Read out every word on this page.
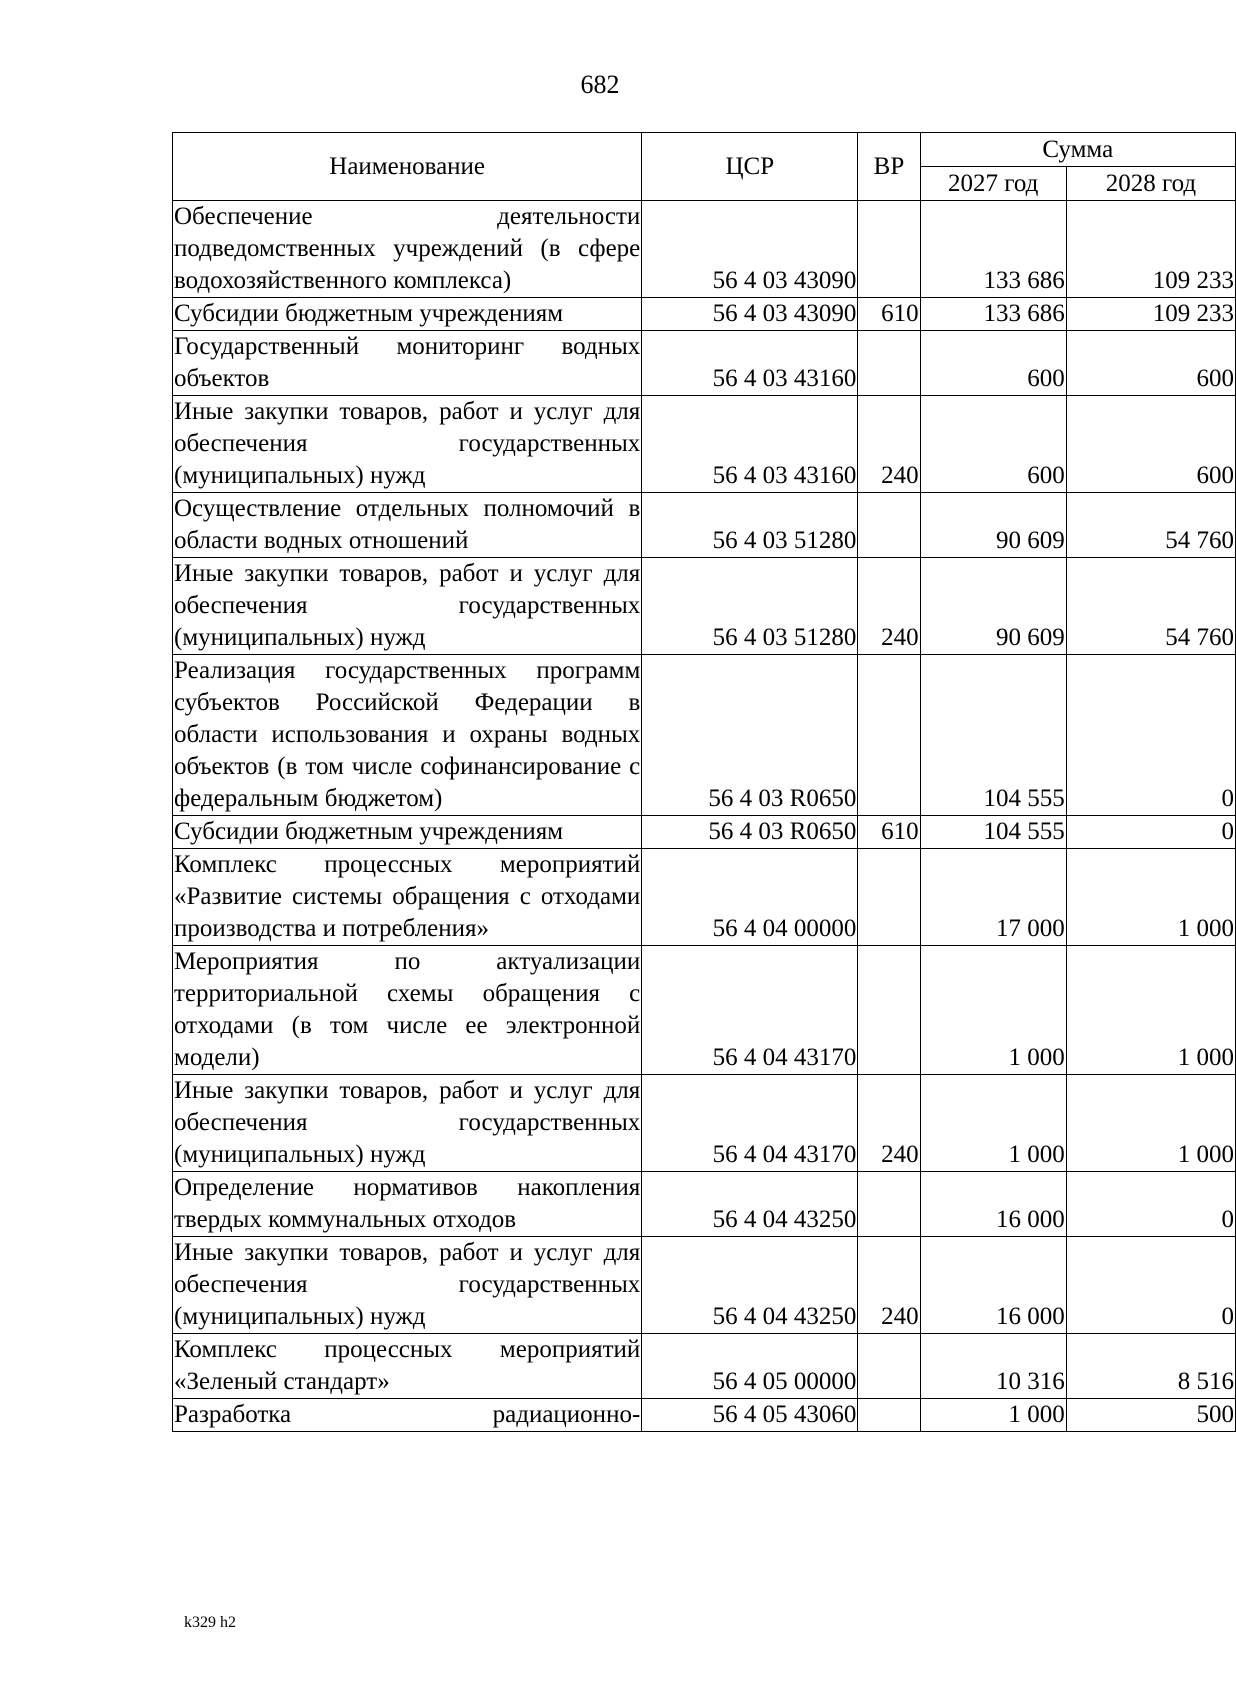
682
Наименование	ЦСР	ВР	Сумма	
			2027 год	2028 год
Обеспечение деятельности подведомственных учреждений (в сфере водохозяйственного комплекса)	56 4 03 43090		133 686	109 233
Субсидии бюджетным учреждениям	56 4 03 43090	610	133 686	109 233
Государственный мониторинг водных объектов	56 4 03 43160		600	600
Иные закупки товаров, работ и услуг для обеспечения государственных (муниципальных) нужд	56 4 03 43160	240	600	600
Осуществление отдельных полномочий в области водных отношений	56 4 03 51280		90 609	54 760
Иные закупки товаров, работ и услуг для обеспечения государственных (муниципальных) нужд	56 4 03 51280	240	90 609	54 760
Реализация государственных программ субъектов Российской Федерации в области использования и охраны водных объектов (в том числе софинансирование с федеральным бюджетом)	56 4 03 R0650		104 555	0
Субсидии бюджетным учреждениям	56 4 03 R0650	610	104 555	0
Комплекс процессных мероприятий «Развитие системы обращения с отходами производства и потребления»	56 4 04 00000		17 000	1 000
Мероприятия по актуализации территориальной схемы обращения с отходами (в том числе ее электронной модели)	56 4 04 43170		1 000	1 000
Иные закупки товаров, работ и услуг для обеспечения государственных (муниципальных) нужд	56 4 04 43170	240	1 000	1 000
Определение нормативов накопления твердых коммунальных отходов	56 4 04 43250		16 000	0
Иные закупки товаров, работ и услуг для обеспечения государственных (муниципальных) нужд	56 4 04 43250	240	16 000	0
Комплекс процессных мероприятий «Зеленый стандарт»	56 4 05 00000		10 316	8 516
Разработка радиационно-	56 4 05 43060		1 000	500
k329 h2
